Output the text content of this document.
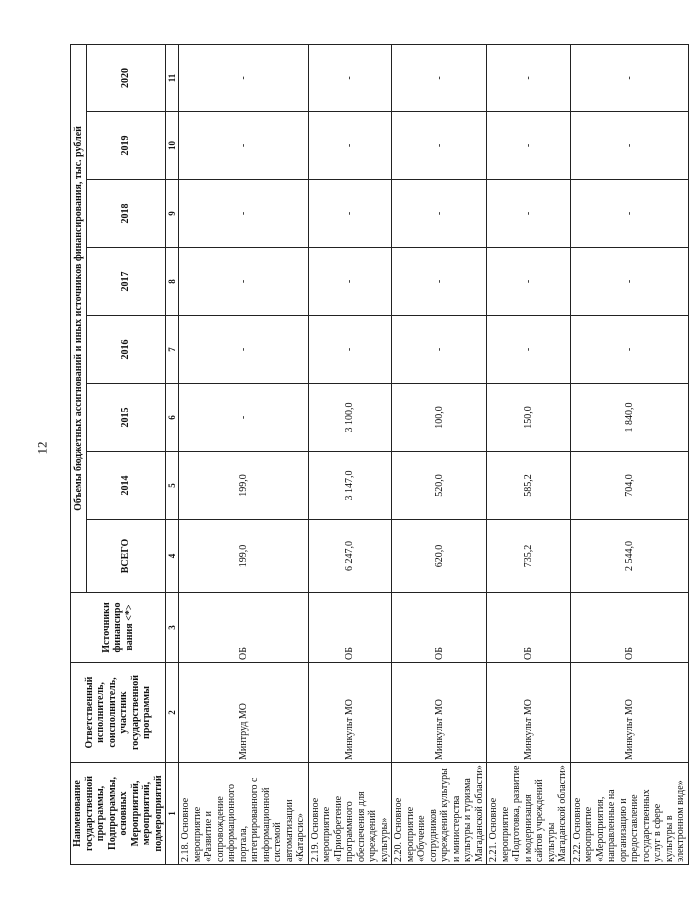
12
Наименование государственной программы, Подпрограммы, основных Мероприятий, мероприятий, подмероприятий	Ответственный исполнитель, соисполнитель, участник государственной программы	Источники финансиро вания <*>	Объемы бюджетных ассигнований и иных источников финансирования, тыс. рублей							
			ВСЕГО	2014	2015	2016	2017	2018	2019	2020
1	2	3	4	5	6	7	8	9	10	11
2.18. Основное мероприятие «Развитие и сопровождение информационного портала, интегрированного с информационной системой автоматизации «Катарсис»	Минтруд МО	ОБ	199,0	199,0	-	-	-	-	-	-
2.19. Основное мероприятие «Приобретение программного обеспечения для учреждений культуры»	Минкульт МО	ОБ	6 247,0	3 147,0	3 100,0	-	-	-	-	-
2.20. Основное мероприятие «Обучение сотрудников учреждений культуры и министерства культуры и туризма Магаданской области»	Минкульт МО	ОБ	620,0	520,0	100,0	-	-	-	-	-
2.21. Основное мероприятие «Подготовка, развитие и модернизация сайтов учреждений культуры Магаданской области»	Минкульт МО	ОБ	735,2	585,2	150,0	-	-	-	-	-
2.22. Основное мероприятие «Мероприятия, направленные на организацию и предоставление государственных услуг в сфере культуры в электронном виде»	Минкульт МО	ОБ	2 544,0	704,0	1 840,0	-	-	-	-	-
